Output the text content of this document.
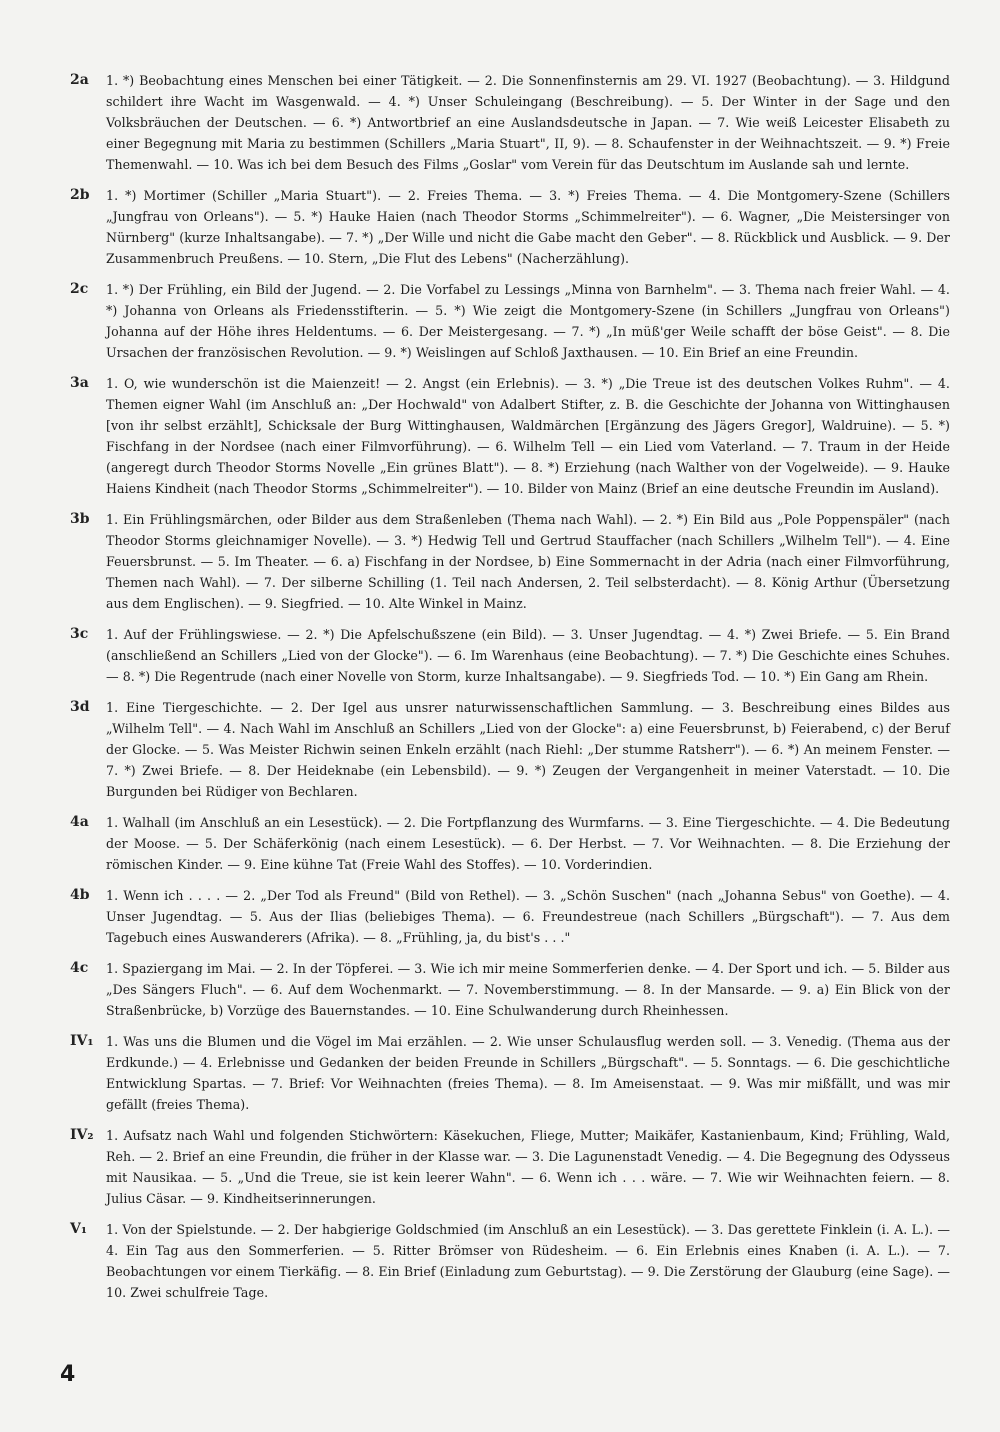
2a	1. *) Beobachtung eines Menschen bei einer Tätigkeit. — 2. Die Sonnenfinsternis am 29. VI. 1927 (Beobachtung). — 3. Hildgund schildert ihre Wacht im Wasgenwald. — 4. *) Unser Schuleingang (Beschreibung). — 5. Der Winter in der Sage und den Volksbräuchen der Deutschen. — 6. *) Antwortbrief an eine Auslandsdeutsche in Japan. — 7. Wie weiß Leicester Elisabeth zu einer Begegnung mit Maria zu bestimmen (Schillers „Maria Stuart", II, 9). — 8. Schaufenster in der Weihnachtszeit. — 9. *) Freie Themenwahl. — 10. Was ich bei dem Besuch des Films „Goslar" vom Verein für das Deutschtum im Auslande sah und lernte.
2b	1. *) Mortimer (Schiller „Maria Stuart"). — 2. Freies Thema. — 3. *) Freies Thema. — 4. Die Montgomery-Szene (Schillers „Jungfrau von Orleans"). — 5. *) Hauke Haien (nach Theodor Storms „Schimmelreiter"). — 6. Wagner, „Die Meistersinger von Nürnberg" (kurze Inhaltsangabe). — 7. *) „Der Wille und nicht die Gabe macht den Geber". — 8. Rückblick und Ausblick. — 9. Der Zusammenbruch Preußens. — 10. Stern, „Die Flut des Lebens" (Nacherzählung).
2c	1. *) Der Frühling, ein Bild der Jugend. — 2. Die Vorfabel zu Lessings „Minna von Barnhelm". — 3. Thema nach freier Wahl. — 4. *) Johanna von Orleans als Friedensstifterin. — 5. *) Wie zeigt die Montgomery-Szene (in Schillers „Jungfrau von Orleans") Johanna auf der Höhe ihres Heldentums. — 6. Der Meistergesang. — 7. *) „In müß'ger Weile schafft der böse Geist". — 8. Die Ursachen der französischen Revolution. — 9. *) Weislingen auf Schloß Jaxthausen. — 10. Ein Brief an eine Freundin.
3a	1. O, wie wunderschön ist die Maienzeit! — 2. Angst (ein Erlebnis). — 3. *) „Die Treue ist des deutschen Volkes Ruhm". — 4. Themen eigner Wahl (im Anschluß an: „Der Hochwald" von Adalbert Stifter, z. B. die Geschichte der Johanna von Wittinghausen [von ihr selbst erzählt], Schicksale der Burg Wittinghausen, Waldmärchen [Ergänzung des Jägers Gregor], Waldruine). — 5. *) Fischfang in der Nordsee (nach einer Filmvorführung). — 6. Wilhelm Tell — ein Lied vom Vaterland. — 7. Traum in der Heide (angeregt durch Theodor Storms Novelle „Ein grünes Blatt"). — 8. *) Erziehung (nach Walther von der Vogelweide). — 9. Hauke Haiens Kindheit (nach Theodor Storms „Schimmelreiter"). — 10. Bilder von Mainz (Brief an eine deutsche Freundin im Ausland).
3b	1. Ein Frühlingsmärchen, oder Bilder aus dem Straßenleben (Thema nach Wahl). — 2. *) Ein Bild aus „Pole Poppenspäler" (nach Theodor Storms gleichnamiger Novelle). — 3. *) Hedwig Tell und Gertrud Stauffacher (nach Schillers „Wilhelm Tell"). — 4. Eine Feuersbrunst. — 5. Im Theater. — 6. a) Fischfang in der Nordsee, b) Eine Sommernacht in der Adria (nach einer Filmvorführung, Themen nach Wahl). — 7. Der silberne Schilling (1. Teil nach Andersen, 2. Teil selbsterdacht). — 8. König Arthur (Übersetzung aus dem Englischen). — 9. Siegfried. — 10. Alte Winkel in Mainz.
3c	1. Auf der Frühlingswiese. — 2. *) Die Apfelschußszene (ein Bild). — 3. Unser Jugendtag. — 4. *) Zwei Briefe. — 5. Ein Brand (anschließend an Schillers „Lied von der Glocke"). — 6. Im Warenhaus (eine Beobachtung). — 7. *) Die Geschichte eines Schuhes. — 8. *) Die Regentrude (nach einer Novelle von Storm, kurze Inhaltsangabe). — 9. Siegfrieds Tod. — 10. *) Ein Gang am Rhein.
3d	1. Eine Tiergeschichte. — 2. Der Igel aus unsrer naturwissenschaftlichen Sammlung. — 3. Beschreibung eines Bildes aus „Wilhelm Tell". — 4. Nach Wahl im Anschluß an Schillers „Lied von der Glocke": a) eine Feuersbrunst, b) Feierabend, c) der Beruf der Glocke. — 5. Was Meister Richwin seinen Enkeln erzählt (nach Riehl: „Der stumme Ratsherr"). — 6. *) An meinem Fenster. — 7. *) Zwei Briefe. — 8. Der Heideknabe (ein Lebensbild). — 9. *) Zeugen der Vergangenheit in meiner Vaterstadt. — 10. Die Burgunden bei Rüdiger von Bechlaren.
4a	1. Walhall (im Anschluß an ein Lesestück). — 2. Die Fortpflanzung des Wurmfarns. — 3. Eine Tiergeschichte. — 4. Die Bedeutung der Moose. — 5. Der Schäferkönig (nach einem Lesestück). — 6. Der Herbst. — 7. Vor Weihnachten. — 8. Die Erziehung der römischen Kinder. — 9. Eine kühne Tat (Freie Wahl des Stoffes). — 10. Vorderindien.
4b	1. Wenn ich . . . . — 2. „Der Tod als Freund" (Bild von Rethel). — 3. „Schön Suschen" (nach „Johanna Sebus" von Goethe). — 4. Unser Jugendtag. — 5. Aus der Ilias (beliebiges Thema). — 6. Freundestreue (nach Schillers „Bürgschaft"). — 7. Aus dem Tagebuch eines Auswanderers (Afrika). — 8. „Frühling, ja, du bist's . . ."
4c	1. Spaziergang im Mai. — 2. In der Töpferei. — 3. Wie ich mir meine Sommerferien denke. — 4. Der Sport und ich. — 5. Bilder aus „Des Sängers Fluch". — 6. Auf dem Wochenmarkt. — 7. Novemberstimmung. — 8. In der Mansarde. — 9. a) Ein Blick von der Straßenbrücke, b) Vorzüge des Bauernstandes. — 10. Eine Schulwanderung durch Rheinhessen.
IV₁ 1. Was uns die Blumen und die Vögel im Mai erzählen. — 2. Wie unser Schulausflug werden soll. — 3. Venedig. (Thema aus der Erdkunde.) — 4. Erlebnisse und Gedanken der beiden Freunde in Schillers „Bürgschaft". — 5. Sonntags. — 6. Die geschichtliche Entwicklung Spartas. — 7. Brief: Vor Weihnachten (freies Thema). — 8. Im Ameisenstaat. — 9. Was mir mißfällt, und was mir gefällt (freies Thema).
IV₂ 1. Aufsatz nach Wahl und folgenden Stichwörtern: Käsekuchen, Fliege, Mutter; Maikäfer, Kastanienbaum, Kind; Frühling, Wald, Reh. — 2. Brief an eine Freundin, die früher in der Klasse war. — 3. Die Lagunenstadt Venedig. — 4. Die Begegnung des Odysseus mit Nausikaa. — 5. „Und die Treue, sie ist kein leerer Wahn". — 6. Wenn ich . . . wäre. — 7. Wie wir Weihnachten feiern. — 8. Julius Cäsar. — 9. Kindheitserinnerungen.
V₁	1. Von der Spielstunde. — 2. Der habgierige Goldschmied (im Anschluß an ein Lesestück). — 3. Das gerettete Finklein (i. A. L.). — 4. Ein Tag aus den Sommerferien. — 5. Ritter Brömser von Rüdesheim. — 6. Ein Erlebnis eines Knaben (i. A. L.). — 7. Beobachtungen vor einem Tierkäfig. — 8. Ein Brief (Einladung zum Geburtstag). — 9. Die Zerstörung der Glauburg (eine Sage). — 10. Zwei schulfreie Tage.
4
